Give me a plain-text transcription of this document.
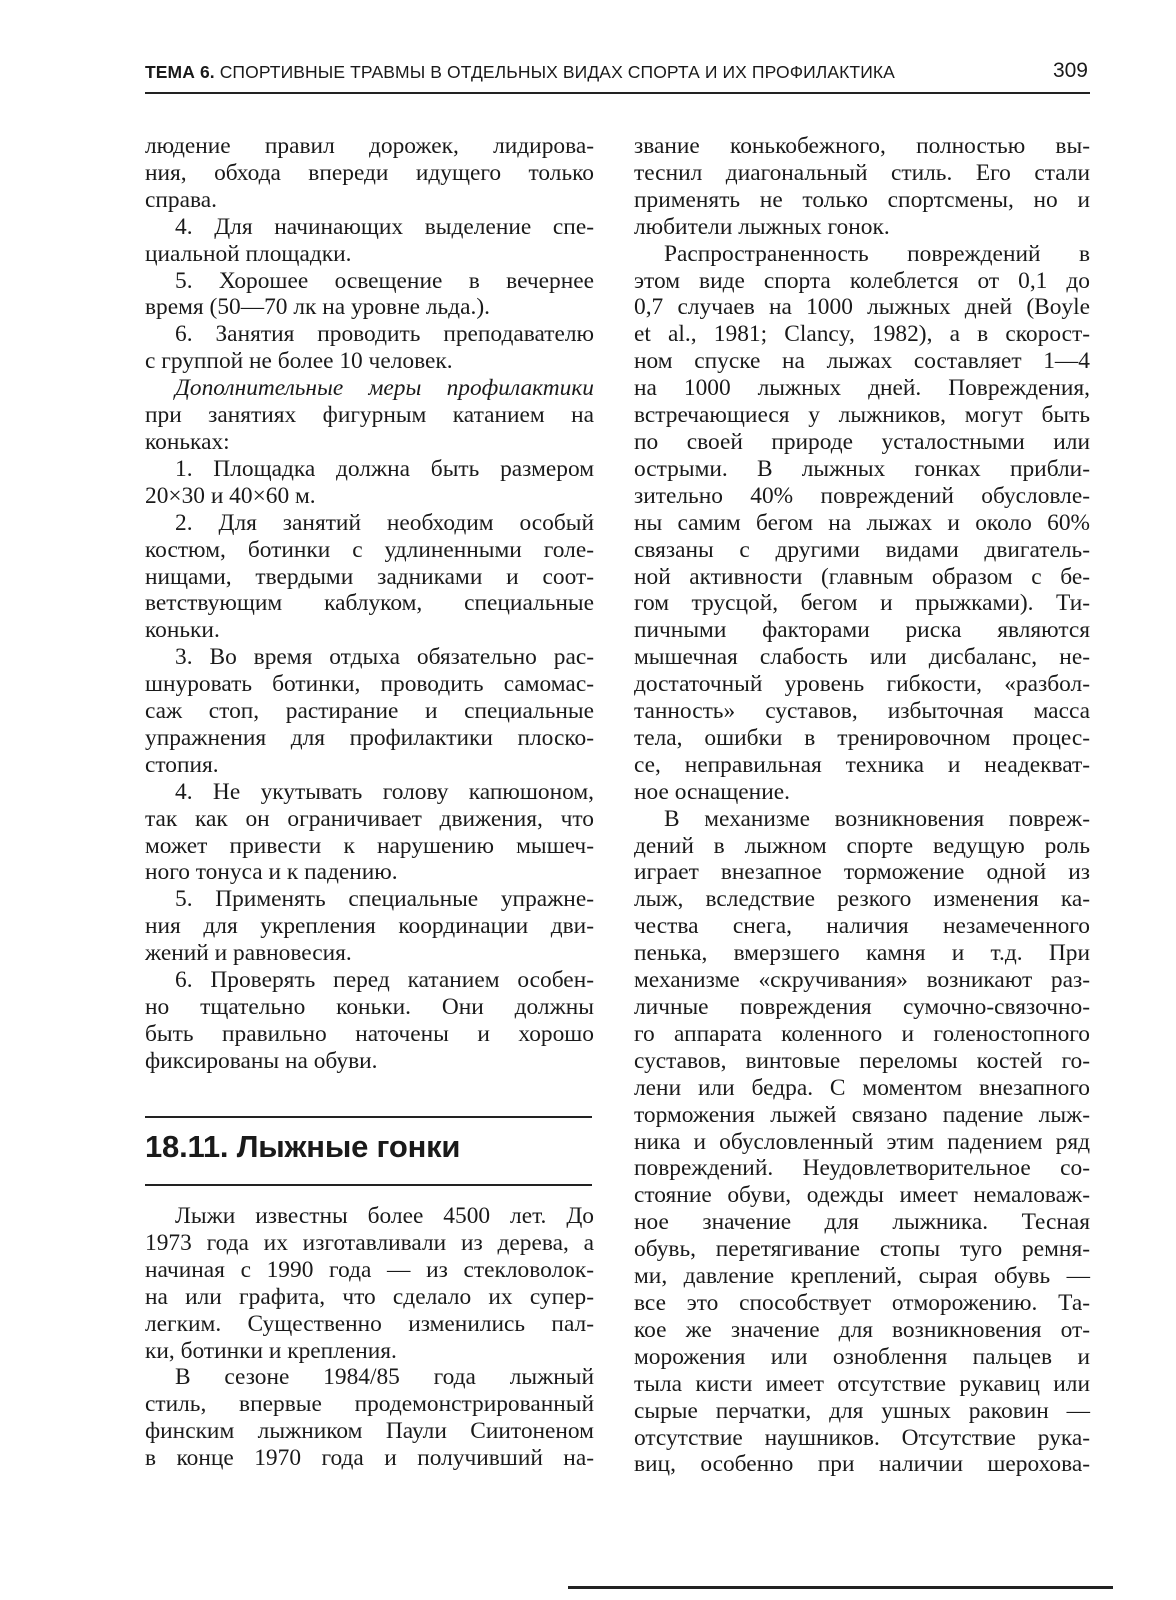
ТЕМА 6. СПОРТИВНЫЕ ТРАВМЫ В ОТДЕЛЬНЫХ ВИДАХ СПОРТА И ИХ ПРОФИЛАКТИКА	309
людение правил дорожек, лидирова-
ния, обхода впереди идущего только
справа.
4. Для начинающих выделение спе-
циальной площадки.
5. Хорошее освещение в вечернее
время (50—70 лк на уровне льда.).
6. Занятия проводить преподавателю
с группой не более 10 человек.
Дополнительные меры профилактики
при занятиях фигурным катанием на
коньках:
1. Площадка должна быть размером
20×30 и 40×60 м.
2. Для занятий необходим особый
костюм, ботинки с удлиненными голе-
нищами, твердыми задниками и соот-
ветствующим каблуком, специальные
коньки.
3. Во время отдыха обязательно рас-
шнуровать ботинки, проводить самомас-
саж стоп, растирание и специальные
упражнения для профилактики плоско-
стопия.
4. Не укутывать голову капюшоном,
так как он ограничивает движения, что
может привести к нарушению мышеч-
ного тонуса и к падению.
5. Применять специальные упражне-
ния для укрепления координации дви-
жений и равновесия.
6. Проверять перед катанием особен-
но тщательно коньки. Они должны
быть правильно наточены и хорошо
фиксированы на обуви.
18.11. Лыжные гонки
Лыжи известны более 4500 лет. До
1973 года их изготавливали из дерева, а
начиная с 1990 года — из стекловолок-
на или графита, что сделало их супер-
легким. Существенно изменились пал-
ки, ботинки и крепления.
В сезоне 1984/85 года лыжный
стиль, впервые продемонстрированный
финским лыжником Паули Сиитоненом
в конце 1970 года и получивший на-
звание конькобежного, полностью вы-
теснил диагональный стиль. Его стали
применять не только спортсмены, но и
любители лыжных гонок.
Распространенность повреждений в
этом виде спорта колеблется от 0,1 до
0,7 случаев на 1000 лыжных дней (Boyle
et al., 1981; Clancy, 1982), а в скорост-
ном спуске на лыжах составляет 1—4
на 1000 лыжных дней. Повреждения,
встречающиеся у лыжников, могут быть
по своей природе усталостными или
острыми. В лыжных гонках прибли-
зительно 40% повреждений обусловле-
ны самим бегом на лыжах и около 60%
связаны с другими видами двигатель-
ной активности (главным образом с бе-
гом трусцой, бегом и прыжками). Ти-
пичными факторами риска являются
мышечная слабость или дисбаланс, не-
достаточный уровень гибкости, «разбол-
танность» суставов, избыточная масса
тела, ошибки в тренировочном процес-
се, неправильная техника и неадекват-
ное оснащение.
В механизме возникновения повреж-
дений в лыжном спорте ведущую роль
играет внезапное торможение одной из
лыж, вследствие резкого изменения ка-
чества снега, наличия незамеченного
пенька, вмерзшего камня и т.д. При
механизме «скручивания» возникают раз-
личные повреждения сумочно-связочно-
го аппарата коленного и голеностопного
суставов, винтовые переломы костей го-
лени или бедра. С моментом внезапного
торможения лыжей связано падение лыж-
ника и обусловленный этим падением ряд
повреждений. Неудовлетворительное со-
стояние обуви, одежды имеет немаловаж-
ное значение для лыжника. Тесная
обувь, перетягивание стопы туго ремня-
ми, давление креплений, сырая обувь —
все это способствует отморожению. Та-
кое же значение для возникновения от-
морожения или озноблення пальцев и
тыла кисти имеет отсутствие рукавиц или
сырые перчатки, для ушных раковин —
отсутствие наушников. Отсутствие рука-
виц, особенно при наличии шерохова-
